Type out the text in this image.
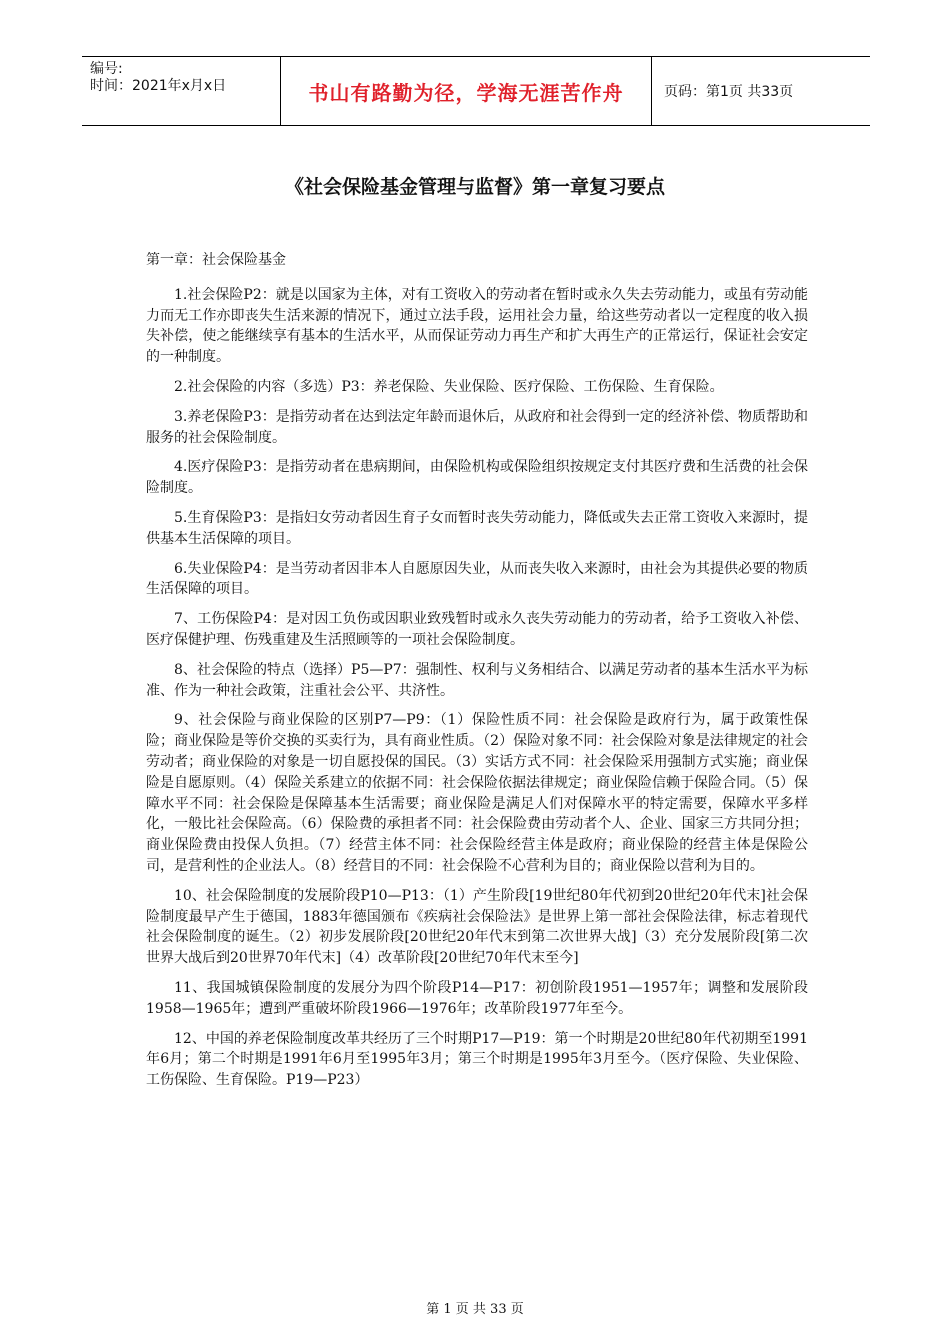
编号:
时间：2021年x月x日	书山有路勤为径，学海无涯苦作舟	页码：第1页 共33页
《社会保险基金管理与监督》第一章复习要点

第一章：社会保险基金

1.社会保险P2：就是以国家为主体，对有工资收入的劳动者在暂时或永久失去劳动能力，或虽有劳动能力而无工作亦即丧失生活来源的情况下，通过立法手段，运用社会力量，给这些劳动者以一定程度的收入损失补偿，使之能继续享有基本的生活水平，从而保证劳动力再生产和扩大再生产的正常运行，保证社会安定的一种制度。

2.社会保险的内容（多选）P3：养老保险、失业保险、医疗保险、工伤保险、生育保险。

3.养老保险P3：是指劳动者在达到法定年龄而退休后，从政府和社会得到一定的经济补偿、物质帮助和服务的社会保险制度。

4.医疗保险P3：是指劳动者在患病期间，由保险机构或保险组织按规定支付其医疗费和生活费的社会保险制度。

5.生育保险P3：是指妇女劳动者因生育子女而暂时丧失劳动能力，降低或失去正常工资收入来源时，提供基本生活保障的项目。

6.失业保险P4：是当劳动者因非本人自愿原因失业，从而丧失收入来源时，由社会为其提供必要的物质生活保障的项目。

7、工伤保险P4：是对因工负伤或因职业致残暂时或永久丧失劳动能力的劳动者，给予工资收入补偿、医疗保健护理、伤残重建及生活照顾等的一项社会保险制度。

8、社会保险的特点（选择）P5—P7：强制性、权利与义务相结合、以满足劳动者的基本生活水平为标准、作为一种社会政策，注重社会公平、共济性。

9、社会保险与商业保险的区别P7—P9：（1）保险性质不同：社会保险是政府行为，属于政策性保险；商业保险是等价交换的买卖行为，具有商业性质。（2）保险对象不同：社会保险对象是法律规定的社会劳动者；商业保险的对象是一切自愿投保的国民。（3）实话方式不同：社会保险采用强制方式实施；商业保险是自愿原则。（4）保险关系建立的依据不同：社会保险依据法律规定；商业保险信赖于保险合同。（5）保障水平不同：社会保险是保障基本生活需要；商业保险是满足人们对保障水平的特定需要，保障水平多样化，一般比社会保险高。（6）保险费的承担者不同：社会保险费由劳动者个人、企业、国家三方共同分担；商业保险费由投保人负担。（7）经营主体不同：社会保险经营主体是政府；商业保险的经营主体是保险公司，是营利性的企业法人。（8）经营目的不同：社会保险不心营利为目的；商业保险以营利为目的。

10、社会保险制度的发展阶段P10—P13：（1）产生阶段[19世纪80年代初到20世纪20年代末]社会保险制度最早产生于德国，1883年德国颁布《疾病社会保险法》是世界上第一部社会保险法律，标志着现代社会保险制度的诞生。（2）初步发展阶段[20世纪20年代末到第二次世界大战]（3）充分发展阶段[第二次世界大战后到20世界70年代末]（4）改革阶段[20世纪70年代末至今]

11、我国城镇保险制度的发展分为四个阶段P14—P17：初创阶段1951—1957年；调整和发展阶段1958—1965年；遭到严重破坏阶段1966—1976年；改革阶段1977年至今。

12、中国的养老保险制度改革共经历了三个时期P17—P19：第一个时期是20世纪80年代初期至1991年6月；第二个时期是1991年6月至1995年3月；第三个时期是1995年3月至今。（医疗保险、失业保险、工伤保险、生育保险。P19—P23）

第 1 页 共 33 页
